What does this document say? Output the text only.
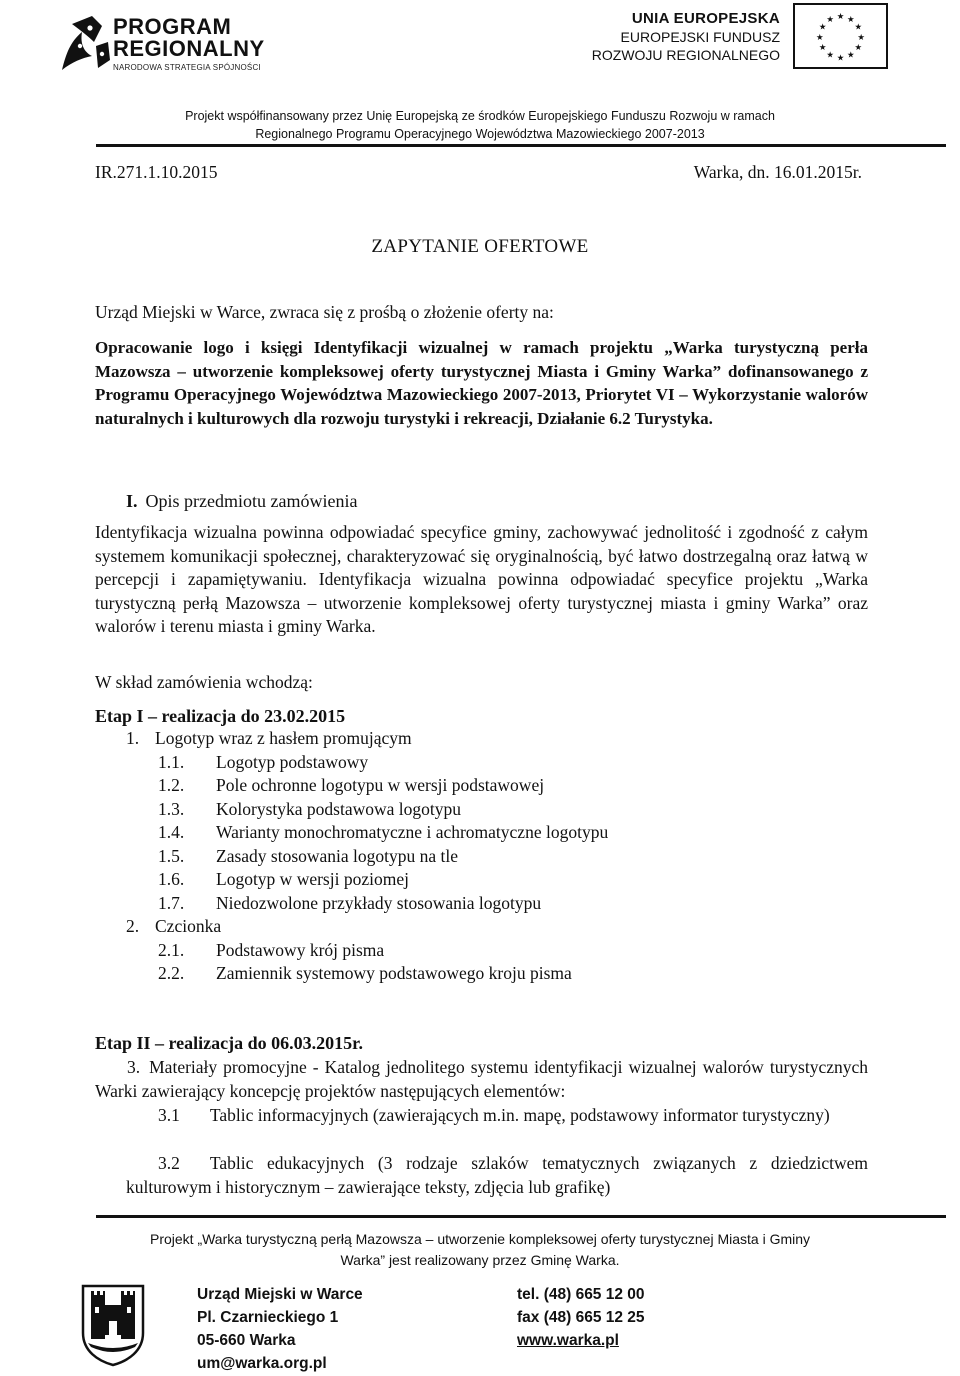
PROGRAM
REGIONALNY
NARODOWA STRATEGIA SPÓJNOŚCI
UNIA EUROPEJSKA
EUROPEJSKI FUNDUSZ
ROZWOJU REGIONALNEGO
★ ★
★
★
★
★
★
★
★
★
★
★
Projekt współfinansowany przez Unię Europejską ze środków Europejskiego Funduszu Rozwoju w ramach
Regionalnego Programu Operacyjnego Województwa Mazowieckiego 2007-2013
IR.271.1.10.2015	Warka, dn. 16.01.2015r.
ZAPYTANIE OFERTOWE
Urząd Miejski w Warce, zwraca się z prośbą o złożenie oferty na:
Opracowanie logo i księgi Identyfikacji wizualnej w ramach projektu „Warka turystyczną perła Mazowsza – utworzenie kompleksowej oferty turystycznej Miasta i Gminy Warka” dofinansowanego z Programu Operacyjnego Województwa Mazowieckiego 2007-2013, Priorytet VI – Wykorzystanie walorów naturalnych i kulturowych dla rozwoju turystyki i rekreacji, Działanie 6.2 Turystyka.
I. Opis przedmiotu zamówienia
Identyfikacja wizualna powinna odpowiadać specyfice gminy, zachowywać jednolitość i zgodność z całym systemem komunikacji społecznej, charakteryzować się oryginalnością, być łatwo dostrzegalną oraz łatwą w percepcji i zapamiętywaniu. Identyfikacja wizualna powinna odpowiadać specyfice projektu „Warka turystyczną perłą Mazowsza – utworzenie kompleksowej oferty turystycznej miasta i gminy Warka” oraz walorów i terenu miasta i gminy Warka.
W skład zamówienia wchodzą:
Etap I – realizacja do 23.02.2015
1. Logotyp wraz z hasłem promującym
1.1. Logotyp podstawowy
1.2. Pole ochronne logotypu w wersji podstawowej
1.3. Kolorystyka podstawowa logotypu
1.4. Warianty monochromatyczne i achromatyczne logotypu
1.5. Zasady stosowania logotypu na tle
1.6. Logotyp w wersji poziomej
1.7. Niedozwolone przykłady stosowania logotypu
2. Czcionka
2.1. Podstawowy krój pisma
2.2. Zamiennik systemowy podstawowego kroju pisma
Etap II – realizacja do 06.03.2015r.
3. Materiały promocyjne - Katalog jednolitego systemu identyfikacji wizualnej walorów turystycznych Warki zawierający koncepcję projektów następujących elementów:
3.1 Tablic informacyjnych (zawierających m.in. mapę, podstawowy informator turystyczny)
3.2 Tablic edukacyjnych (3 rodzaje szlaków tematycznych związanych z dziedzictwem kulturowym i historycznym – zawierające teksty, zdjęcia lub grafikę)
Projekt „Warka turystyczną perłą Mazowsza – utworzenie kompleksowej oferty turystycznej Miasta i Gminy
Warka” jest realizowany przez Gminę Warka.
Urząd Miejski w Warce
Pl. Czarnieckiego 1
05-660 Warka
um@warka.org.pl
tel. (48) 665 12 00
fax (48) 665 12 25
www.warka.pl
